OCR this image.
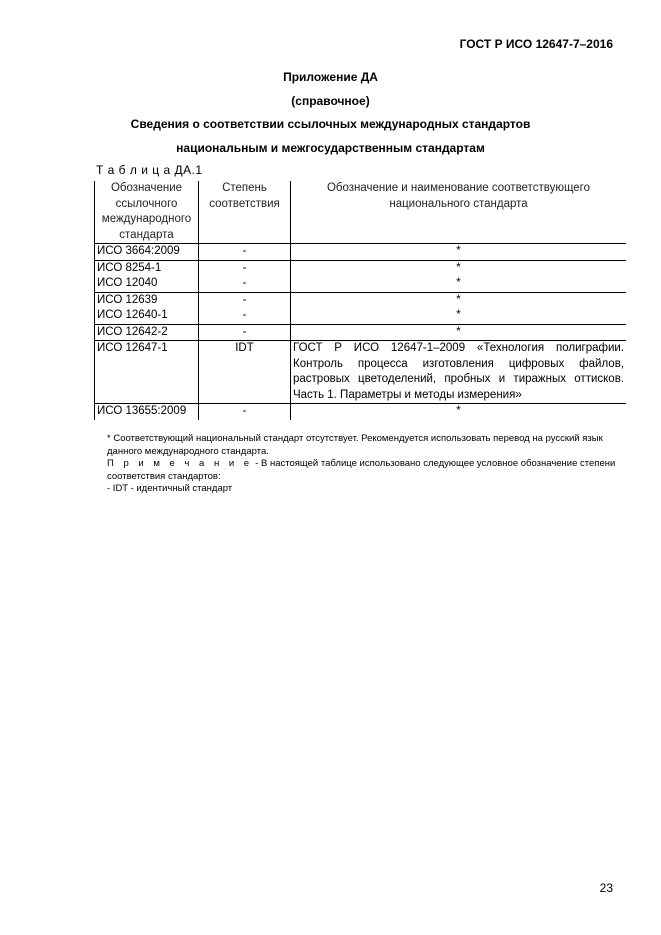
ГОСТ Р ИСО 12647-7–2016
Приложение ДА
(справочное)
Сведения о соответствии ссылочных международных стандартов
национальным и межгосударственным стандартам
Т а б л и ц а ДА.1
Обозначение ссылочного международного стандарта	Степень соответствия	Обозначение и наименование соответствующего национального стандарта
ИСО 3664:2009	-	*
ИСО 8254-1	-	*
ИСО 12040	-	*
ИСО 12639	-	*
ИСО 12640-1	-	*
ИСО 12642-2	-	*
ИСО 12647-1	IDT	ГОСТ Р ИСО 12647-1–2009 «Технология полиграфии. Контроль процесса изготовления цифровых файлов, растровых цветоделений, пробных и тиражных оттисков. Часть 1. Параметры и методы измерения»
ИСО 13655:2009	-	*

* Соответствующий национальный стандарт отсутствует. Рекомендуется использовать перевод на русский язык данного международного стандарта.

П р и м е ч а н и е - В настоящей таблице использовано следующее условное обозначение степени соответствия стандартов:

- IDT - идентичный стандарт

23
